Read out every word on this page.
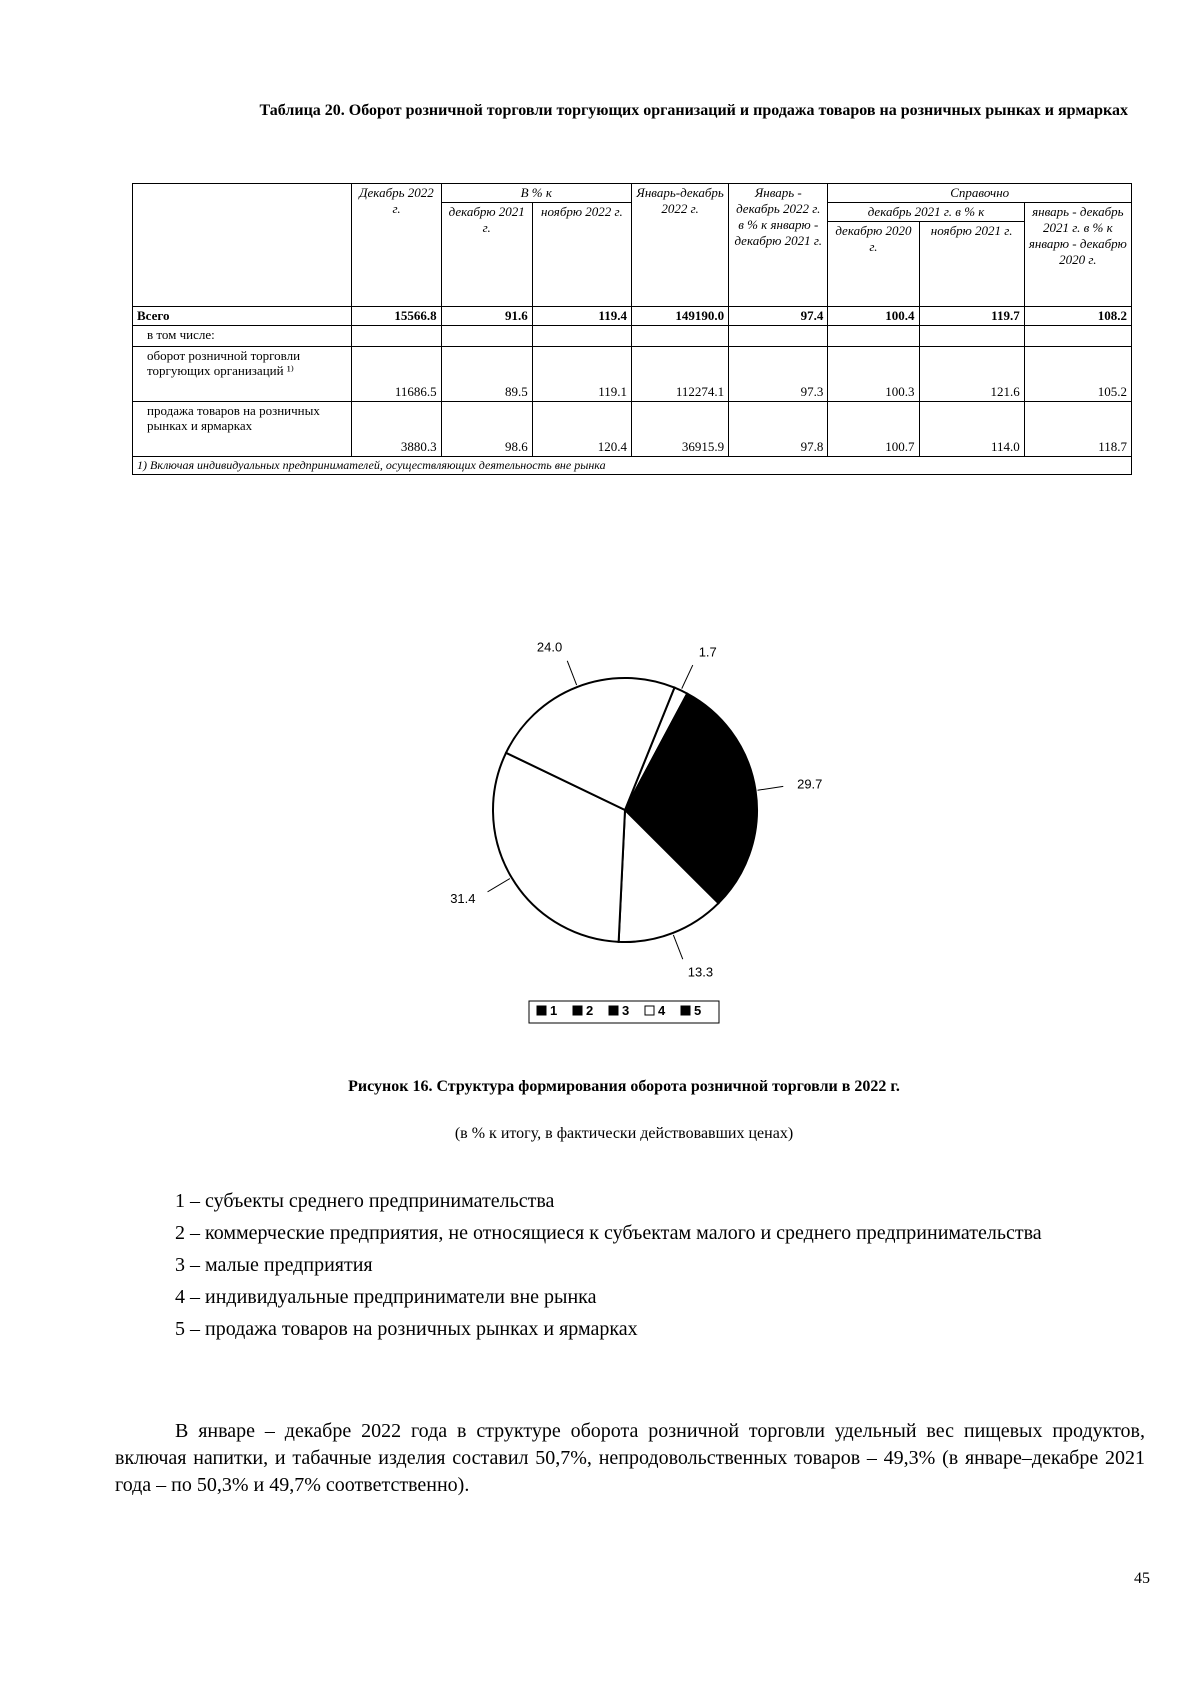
Таблица 20. Оборот розничной торговли торгующих организаций и продажа товаров на розничных рынках и ярмарках
	Декабрь 2022 г.	В % к		Январь-декабрь 2022 г.	Январь - декабрь 2022 г. в % к январю - декабрю 2021 г.	Справочно		
		декабрю 2021 г.	ноябрю 2022 г.			декабрь 2021 г. в % к		январь - декабрь 2021 г. в % к январю - декабрю 2020 г.
						декабрю 2020 г.	ноябрю 2021 г.	
Всего	15566.8	91.6	119.4	149190.0	97.4	100.4	119.7	108.2
в том числе:								
оборот розничной торговли торгующих организаций ¹⁾	11686.5	89.5	119.1	112274.1	97.3	100.3	121.6	105.2
продажа товаров на розничных рынках и ярмарках	3880.3	98.6	120.4	36915.9	97.8	100.7	114.0	118.7
1) Включая индивидуальных предпринимателей, осуществляющих деятельность вне рынка								
1.7
29.7
13.3
31.4
24.0
1 2 3 4 5
Рисунок 16. Структура формирования оборота розничной торговли в 2022 г.
(в % к итогу, в фактически действовавших ценах)

1 – субъекты среднего предпринимательства

2 – коммерческие предприятия, не относящиеся к субъектам малого и среднего предпринимательства

3 – малые предприятия

4 – индивидуальные предприниматели вне рынка

5 – продажа товаров на розничных рынках и ярмарках

В январе – декабре 2022 года в структуре оборота розничной торговли удельный вес пищевых продуктов, включая напитки, и табачные изделия составил 50,7%, непродовольственных товаров – 49,3% (в январе–декабре 2021 года – по 50,3% и 49,7% соответственно).
45
